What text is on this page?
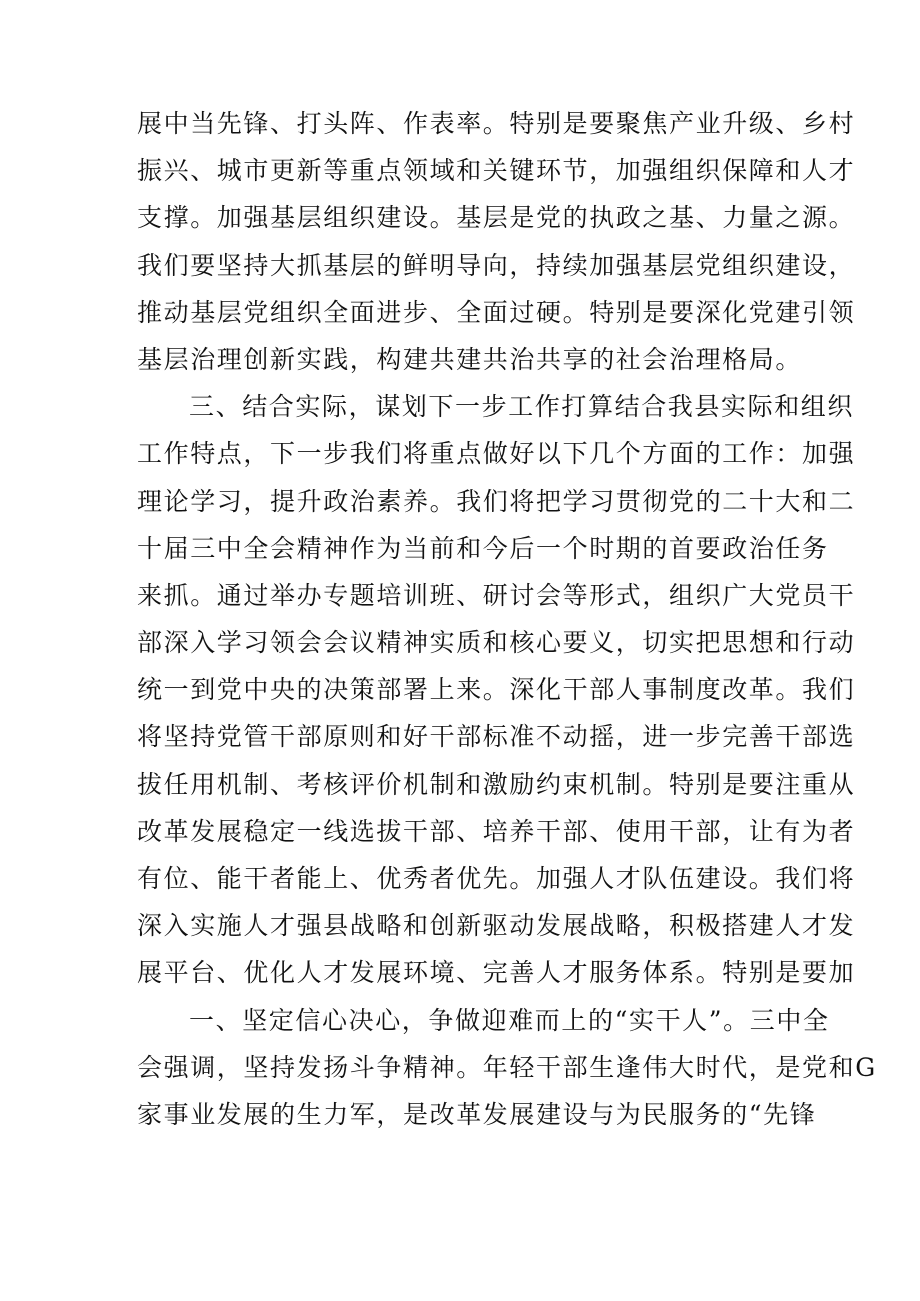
展中当先锋、打头阵、作表率。特别是要聚焦产业升级、乡村
振兴、城市更新等重点领域和关键环节，加强组织保障和人才
支撑。加强基层组织建设。基层是党的执政之基、力量之源。
我们要坚持大抓基层的鲜明导向，持续加强基层党组织建设，
推动基层党组织全面进步、全面过硬。特别是要深化党建引领
基层治理创新实践，构建共建共治共享的社会治理格局。
三、结合实际，谋划下一步工作打算结合我县实际和组织
工作特点，下一步我们将重点做好以下几个方面的工作：加强
理论学习，提升政治素养。我们将把学习贯彻党的二十大和二
十届三中全会精神作为当前和今后一个时期的首要政治任务
来抓。通过举办专题培训班、研讨会等形式，组织广大党员干
部深入学习领会会议精神实质和核心要义，切实把思想和行动
统一到党中央的决策部署上来。深化干部人事制度改革。我们
将坚持党管干部原则和好干部标准不动摇，进一步完善干部选
拔任用机制、考核评价机制和激励约束机制。特别是要注重从
改革发展稳定一线选拔干部、培养干部、使用干部，让有为者
有位、能干者能上、优秀者优先。加强人才队伍建设。我们将
深入实施人才强县战略和创新驱动发展战略，积极搭建人才发
展平台、优化人才发展环境、完善人才服务体系。特别是要加
一、坚定信心决心，争做迎难而上的“实干人”。三中全
会强调，坚持发扬斗争精神。年轻干部生逢伟大时代，是党和G
家事业发展的生力军，是改革发展建设与为民服务的“先锋
